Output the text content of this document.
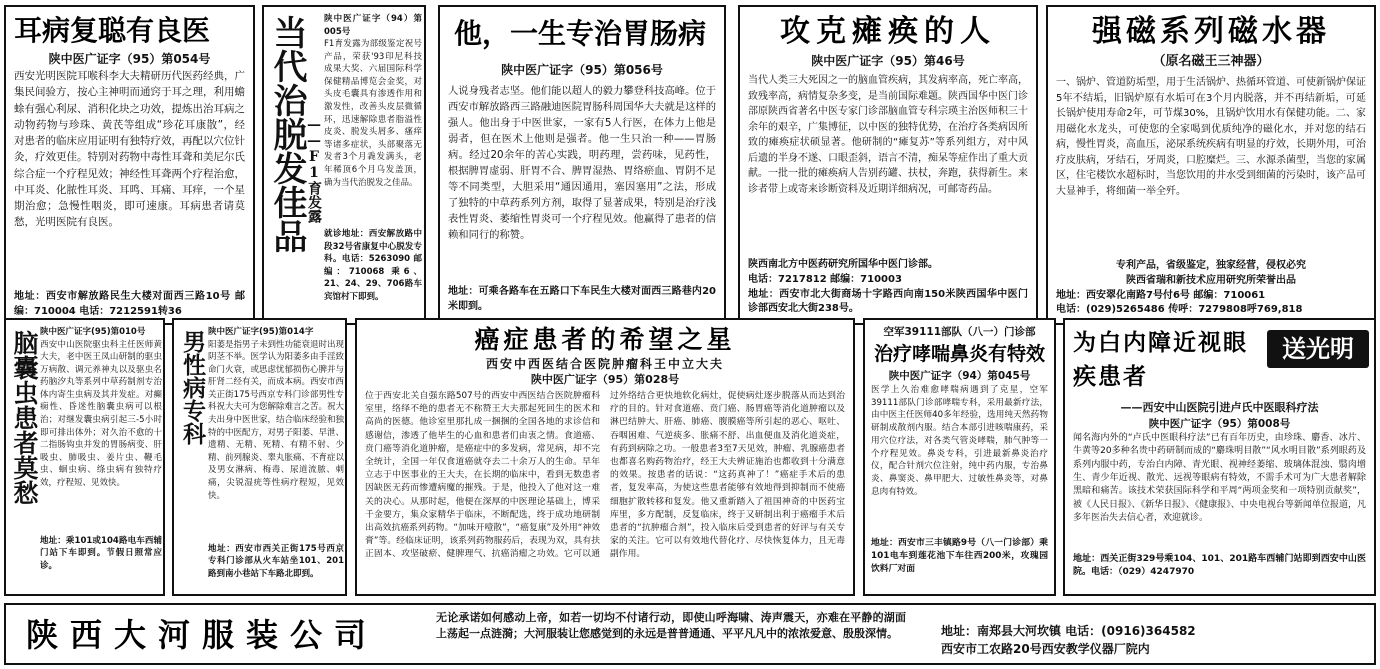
耳病复聪有良医
陕中医广证字（95）第054号
西安光明医院耳喉科李大夫精研历代医药经典，广集民间验方，按心主神明而通窍于耳之理，利用蟾蜍有强心利尿、消积化块之功效，提炼出治耳病之动物药物与珍珠、黄芪等组成“珍花耳康散”，经对患者的临床应用证明有独特疗效，再配以穴位针灸，疗效更佳。特别对药物中毒性耳聋和美尼尔氏综合症一个疗程见效；神经性耳聋两个疗程治愈，中耳炎、化脓性耳炎、耳鸣、耳痛、耳痒，一个星期治愈；急慢性咽炎，即可速康。耳病患者请莫愁，光明医院有良医。
地址：西安市解放路民生大楼对面西三路10号 邮编：710004 电话：7212591转36
当代治脱发佳品 ——F1育发露
陕中医广证字（94）第005号
F1育发露为部级鉴定祝号产品，荣获'93印尼科技成果大奖、六届国际科学保健精品博览会金奖，对头皮毛囊具有渗透作用和激发性，改善头皮层微循环，迅速解除患者脂溢性皮炎、脱发头屑多、瘙痒等诸多症状，头部聚落无发者3个月毳发满头，老年稀顶6个月乌发盖顶，确为当代治脱发之佳品。
就诊地址：西安解放路中段32号省康复中心脱发专科。电话：5263090 邮编：710068 乘6、21、24、29、706路车宾馆村下即到。
他，一生专治胃肠病
陕中医广证字（95）第056号
人说身残者志坚。他们能以超人的毅力攀登科技高峰。位于西安市解放路西三路融迪医院胃肠科周国华大夫就是这样的强人。他出身于中医世家，一家有5人行医，在体力上他是弱者，但在医术上他则是强者。他一生只治一种——胃肠病。经过20余年的苦心实践，明药理，尝药味，见药性，根据脾胃虚弱、肝胃不合、脾胃湿热、胃络瘀血、胃阴不足等不同类型，大胆采用“通因通用，塞因塞用”之法，形成了独特的中草药系列方剂，取得了显著成果，特别是治疗浅表性胃炎、萎缩性胃炎可一个疗程见效。他赢得了患者的信赖和同行的称赞。
地址：可乘各路车在五路口下车民生大楼对面西三路巷内20米即到。
攻克瘫痪的人
陕中医广证字（95）第46号
当代人类三大死因之一的脑血管疾病，其发病率高，死亡率高，致残率高，病情复杂多变，是当前国际难题。陕西国华中医门诊部原陕西省著名中医专家门诊部脑血管专科宗瑛主治医师积三十余年的艰辛，广集博征，以中医的独特优势，在治疗各类病因所致的瘫痪症状硕显著。他研制的“瘫复苏”等系列组方，对中风后遗的半身不遂、口眼歪斜，语言不清，痴呆等症作出了重大贡献。一批一批的瘫痪病人告别药罐、扶杖，奔跑，获得新生。来诊者带上或寄来诊断资料及近期详细病况，可邮寄药品。
陕西南北方中医药研究所国华中医门诊部。
电话：7217812 邮编：710003
地址：西安市北大街商场十字路西向南150米陕西国华中医门诊部西安北大街238号。
强磁系列磁水器
（原名磁王三神器）
一、锅炉、管道防垢型，用于生活锅炉、热循环管道、可使新锅炉保证5年不结垢，旧锅炉原有水垢可在3个月内脱落，并不再结新垢，可延长锅炉使用寿命2年，可节煤30%，且锅炉饮用水有保健功能。二、家用磁化水龙头，可使您的全家喝到优质纯净的磁化水，并对您的结石病，慢性胃炎，高血压，泌尿系统疾病有明显的疗效，长期外用，可治疗皮肤病，牙结石，牙周炎，口腔糜烂。三、水源杀菌型，当您的家属区，住宅楼饮水超标时，当您饮用的井水受到细菌的污染时，该产品可大显神手，将细菌一举全歼。
专利产品，省级鉴定，独家经营，侵权必究
陕西省瑞和新技术应用研究所荣誉出品
地址：西安翠化南路7号付6号 邮编：710061
电话：(029)5265486 传呼：7279808呼769,818
脑囊虫患者莫愁 陕中医广证字(95)第010号
西安中山医院驱虫科主任医师黄大夫，老中医王凤山研制的驱虫万病散、调元养神丸以及驱虫名药脑汐丸等系列中草药制剂专治体内寄生虫病及其并发症。对癫痫性、昏迷性脑囊虫病可以根治；对继发囊虫病引起三-5小时即可排出体外；对久治不愈的十二指肠钩虫并发的胃肠病变、肝吸虫、肺吸虫、姜片虫、鞭毛虫、蛔虫病、绦虫病有独特疗效，疗程短、见效快。
地址：乘101或104路电车西辅门站下车即到。节假日照常应诊。
男性病专科 陕中医广证字(95)第014字
阳萎是指男子未到性功能衰退时出现阴茎不举。医学认为阳萎多由手淫致命门火衰，或思虑忧郁损伤心脾并与肝肾二经有关，而成本病。西安市西关正街175号西京专科门诊部男性专科祝大夫可为您解除难言之苦。祝大夫出身中医世家，结合临床经验和独特的中医配方，对男子阳萎、早泄、遗精、无精、死精、有精不射、少精、前列腺炎、睾丸胀痛、不育症以及男女淋病、梅毒、尿道流脓、刺痛，尖锐湿疣等性病疗程短，见效快。
地址：西安市西关正街175号西京专科门诊部从火车站坐101、201路到南小巷站下车路北即到。
癌症患者的希望之星
西安中西医结合医院肿瘤科王中立大夫
陕中医广证字（95）第028号
位于西安北关自强东路507号的西安中西医结合医院肿瘤科室里，络绎不绝的患者无不称赞王大夫那起死回生的医术和高尚的医德。他诊室里那扎成一捆捆的全国各地的求诊信和感谢信，渗透了他毕生的心血和患者们由衷之情。食道癌、贲门癌等消化道肿瘤，是癌症中的多发病，常见病，却不完全统计，全国一年仅食道癌就夺去二十余万人的生命。早年立志于中医事业的王大夫，在长期的临床中，看到无数患者因缺医无药而惨遭病魔的摧残。于是，他投入了他对这一难关的决心。从那时起，他便在深厚的中医理论基础上，博采千金要方，集众家精华于临床，不断配选，终于成功地研制出高效抗癌系列药物。“加味开噎散”，“癌复康”及外用“神效膏”等。经临床证明，该系列药物服药后，表现为双，具有扶正固本、攻坚破瘀、健脾理气、抗癌消瘤之功效。它可以通过外络结合更快地软化病灶，促使病灶逐步脱落从而达到治疗的目的。针对食道癌、贲门癌、肠胃癌等消化道肿瘤以及淋巴结肿大、肝癌、肺癌、腹膜癌等所引起的恶心、呕吐、吞咽困难、气逆痰多、胀痛不舒、出血便血及消化道炎症，有药到病除之功。一般患者3至7天见效，肿瘤、乳腺癌患者也都喜名购药物治疗，经王大夫辨证施治也都收到十分满意的效果。按患者的话说：“这药真神了！”癌症手术后的患者，复发率高，为使这些患者能够有效地得到抑制而不使癌细胞扩散转移和复发。他又重新踏入了祖国神奇的中医药宝库里，多方配制，反复临床，终于又研制出利于癌瘤手术后患者的“抗肿瘤合剂”，投入临床后受到患者的好评与有关专家的关注。它可以有效地代替化疗、尽快恢复体力，且无毒副作用。
空军39111部队（八一）门诊部
治疗哮喘鼻炎有特效
陕中医广证字（94）第045号
医学上久治难愈哮喘病遇到了克星，空军39111部队门诊部哮喘专科，采用最新疗法，由中医主任医师40多年经验，选用纯天然药物研制成散剂内服。结合本部引进咳喘康药，采用穴位疗法，对各类气管炎哮喘，肺气肿等一个疗程见效。鼻炎专科，引进最新鼻炎治疗仪，配合针剂穴位注射，纯中药内服，专治鼻炎、鼻窦炎、鼻甲肥大、过敏性鼻炎等，对鼻息肉有特效。
地址：西安市三丰镇路9号（八一门诊部）乘101电车到莲花池下车往西200米，攻瑰园饮料厂对面
为白内障近视眼疾患者
送光明
——西安中山医院引进卢氏中医眼科疗法
陕中医广证字（95）第008号
闻名海内外的“卢氏中医眼科疗法”已有百年历史，由珍珠、麝香、冰片、牛黄等20多种名贵中药研制而成的“麝珠明目散”“风水明目散”系列眼药及系列内服中药，专治白内障、青光眼、视神经萎缩、玻璃体混浊、翳肉增生、青少年近视、散光、远视等眼病有特效，不需手术可为广大患者解除黑暗和痛苦。该技术荣获国际科学和平周“两项金奖和一项特别贡献奖”，被《人民日报》、《新华日报》、《健康报》、中央电视台等新闻单位报道，凡多年医治失去信心者，欢迎就诊。
地址：西关正街329号乘104、101、201路车西辅门站即到西安中山医院。电话：（029）4247970
陕西大河服装公司	无论承诺如何感动上帝，如若一切均不付诸行动，即使山呼海啸、涛声震天，亦难在平静的湖面上荡起一点涟漪；大河服装让您感觉到的永远是普普通通、平平凡凡中的浓浓爱意、殷殷深情。	地址：南郑县大河坎镇 电话：(0916)364582
西安市工农路20号西安教学仪器厂院内
